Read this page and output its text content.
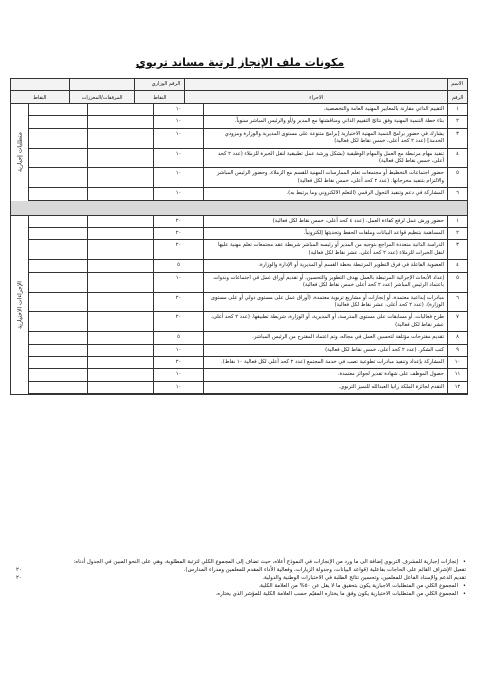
مكونات ملف الإنجاز لرتبة مساند تربوي
الاسم
الرقم
الاجراء
الرقم الوزاري
النقاط
المرفقات/المعززات
النقاط
١
التقييم الذاتي مقارنة بالمعايير المهنية العامة والتخصصية.
١٠
٢
بناء خطة التنمية المهنية وفق نتائج التقييم الذاتي ومناقشتها مع المدير و/أو والرئيس المباشر سنوياً.
١٠
٣
يشارك في حضور برامج التنمية المهنية الاختيارية [برامج متنوعة على مستوى المديرية والوزارة ومزودي الخدمة] (عدد ٢ كحد أعلى، خمس نقاط لكل فعالية)
١٠
٤
تنفيذ مهام مرتبطة مع العمل والمهام الوظيفية (بشكل ورشة عمل تطبيقية لنقل الخبرة للزملاء (عدد ٢ كحد أعلى، خمس نقاط لكل فعالية)
١٠
٥
حضور اجتماعات التخطيط أو مجتمعات تعلم الممارسات المهنية للقسم مع الزملاء، وحضور الرئيس المباشر والالتزام بتنفيذ مخرجاتها. (عدد ٢ كحد أعلى، خمس نقاط لكل فعالية)
١٠
٦
المشاركة في دعم وتنفيذ التحول الرقمي (التعلم الالكتروني وما يرتبط به).
١٠
متطلبات إجبارية
١
حضور ورش عمل لرفع كفاءة العمل. (عدد ٤ كحد أعلى، خمس نقاط لكل فعالية)
٢٠
٢
المساهمة بتنظيم قواعد البيانات وملفات الحفظ وتحديثها إلكترونياً.
٢٠
٣
الدراسة الذاتية متعددة المراجع بتوجيه من المدير أو رئيسه المباشر شريطة عقد مجتمعات تعلم مهنية عليها لنقل الخبرات للزملاء (عدد ٢ كحد أعلى، عشر نقاط لكل فعالية)
٢٠
٤
العضوية الفاعلة في فرق التطوير المرتبطة بخطة القسم أو المديرية أو الإدارة والوزارة.
٥
٥
إعداد الأبحاث الإجرائية المرتبطة بالعمل بهدف التطوير والتحسين، أو تقديم أوراق عمل في اجتماعات وندوات باعتماد الرئيس المباشر (عدد ٢ كحد أعلى خمس نقاط لكل فعالية)
١٠
٦
مبادرات إبداعية معتمدة، أو إنجازات أو مشاريع تربوية معتمدة، (أوراق عمل على مستوى دولي أو على مستوى الوزارة). (عدد ٢ كحد أعلى، عشر نقاط لكل فعالية)
٢٠
٧
طرح فعاليات، أو مسابقات على مستوى المدرسة، أو المديرية، أو الوزارة، شريطة تطبيقها. (عدد ٢ كحد أعلى، عشر نقاط لكل فعالية)
٢٠
٨
تقديم مقترحات مؤتلفة لتحسين العمل في مجاله، وتم اعتماد المقترح من الرئيس المباشر.
٥
٩
كتب الشكر. (عدد ٢ كحد أعلى، خمس نقاط لكل فعالية)
١٠
١٠
المشاركة بإعداد وتنفيذ مبادرات تطوعية تصب في خدمة المجتمع (عدد ٢ كحد أعلى لكل فعالية ١٠ نقاط).
٢٠
١١
حصول الموظف على شهادة تقدير لجوائز معتمدة.
١٠
١٢
التقدم لجائزة الملكة رانيا العبدالله للتميز التربوي.
١٠
الإجراءات الاختيارية
•
إنجازات إجبارية للمشرف التربوي إضافة الى ما ورد من الإنجازات في النموذج أعلاه، حيث تضاف إلى المجموع الكلي لترتبة المطلوبة، وهي على النحو المبين في الجدول أدناه:
تفعيل الإشراف القائم على الحاجات بفاعلية (قواعد البيانات، وجدولة الزيارات، وفعالية الأداء المقدم للمعلمين ومدراء المدارس).
٢٠
تقديم الدعم والإسناد الفاعل للمعلمين، وتحسين نتائج الطلبة في الاختبارات الوطنية والدولية.
٢٠
•
المجموع الكلي من المتطلبات الاجبارية يكون بتحقيق ما لا يقل عن ٥٠% من العلامة الكلية.
•
المجموع الكلي من المتطلبات الاختيارية يكون وفق ما يختاره المقيّم حسب العلامة الكلية للمؤشر الذي يختاره.
